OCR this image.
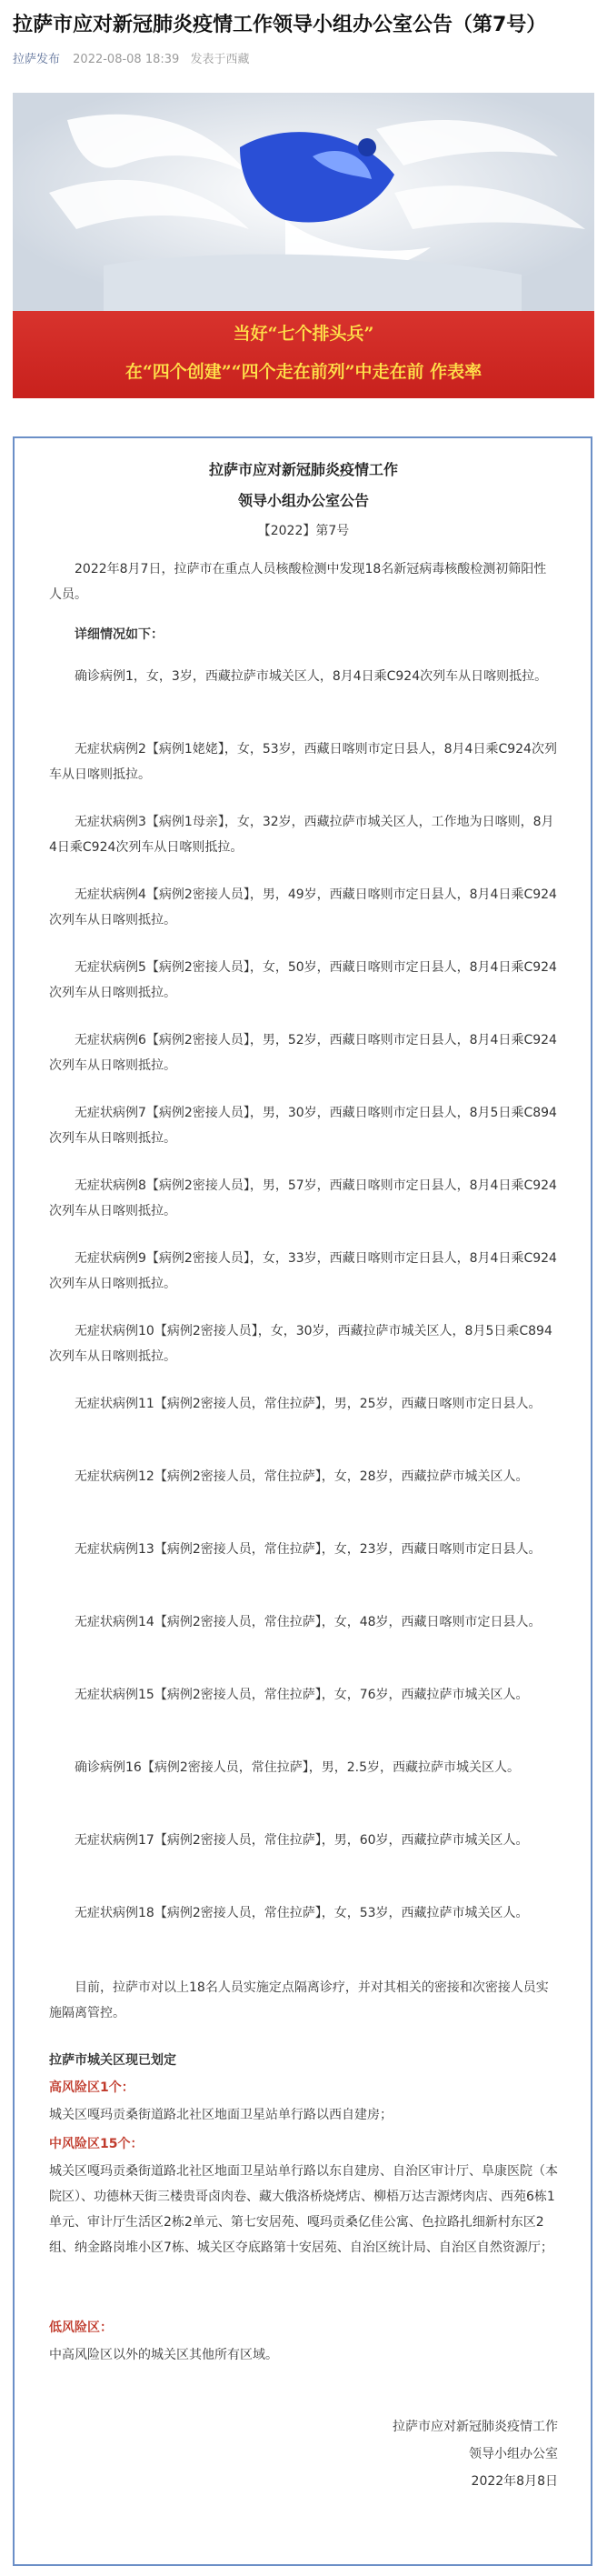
拉萨市应对新冠肺炎疫情工作领导小组办公室公告（第7号）
拉萨发布 2022-08-08 18:39 发表于西藏
当好“七个排头兵”
在“四个创建”“四个走在前列”中走在前 作表率
拉萨市应对新冠肺炎疫情工作
领导小组办公室公告
【2022】第7号
2022年8月7日，拉萨市在重点人员核酸检测中发现18名新冠病毒核酸检测初筛阳性人员。
详细情况如下：
确诊病例1，女，3岁，西藏拉萨市城关区人，8月4日乘C924次列车从日喀则抵拉。
无症状病例2【病例1姥姥】，女，53岁，西藏日喀则市定日县人，8月4日乘C924次列车从日喀则抵拉。
无症状病例3【病例1母亲】，女，32岁，西藏拉萨市城关区人，工作地为日喀则，8月4日乘C924次列车从日喀则抵拉。
无症状病例4【病例2密接人员】，男，49岁，西藏日喀则市定日县人，8月4日乘C924次列车从日喀则抵拉。
无症状病例5【病例2密接人员】，女，50岁，西藏日喀则市定日县人，8月4日乘C924次列车从日喀则抵拉。
无症状病例6【病例2密接人员】，男，52岁，西藏日喀则市定日县人，8月4日乘C924次列车从日喀则抵拉。
无症状病例7【病例2密接人员】，男，30岁，西藏日喀则市定日县人，8月5日乘C894次列车从日喀则抵拉。
无症状病例8【病例2密接人员】，男，57岁，西藏日喀则市定日县人，8月4日乘C924次列车从日喀则抵拉。
无症状病例9【病例2密接人员】，女，33岁，西藏日喀则市定日县人，8月4日乘C924次列车从日喀则抵拉。
无症状病例10【病例2密接人员】，女，30岁，西藏拉萨市城关区人，8月5日乘C894次列车从日喀则抵拉。
无症状病例11【病例2密接人员，常住拉萨】，男，25岁，西藏日喀则市定日县人。
无症状病例12【病例2密接人员，常住拉萨】，女，28岁，西藏拉萨市城关区人。
无症状病例13【病例2密接人员，常住拉萨】，女，23岁，西藏日喀则市定日县人。
无症状病例14【病例2密接人员，常住拉萨】，女，48岁，西藏日喀则市定日县人。
无症状病例15【病例2密接人员，常住拉萨】，女，76岁，西藏拉萨市城关区人。
确诊病例16【病例2密接人员，常住拉萨】，男，2.5岁，西藏拉萨市城关区人。
无症状病例17【病例2密接人员，常住拉萨】，男，60岁，西藏拉萨市城关区人。
无症状病例18【病例2密接人员，常住拉萨】，女，53岁，西藏拉萨市城关区人。
目前，拉萨市对以上18名人员实施定点隔离诊疗，并对其相关的密接和次密接人员实施隔离管控。
拉萨市城关区现已划定
高风险区1个：
城关区嘎玛贡桑街道路北社区地面卫星站单行路以西自建房；
中风险区15个：
城关区嘎玛贡桑街道路北社区地面卫星站单行路以东自建房、自治区审计厅、阜康医院（本院区）、功德林天街三楼贵哥卤肉卷、藏大俄洛桥烧烤店、柳梧万达吉源烤肉店、西苑6栋1单元、审计厅生活区2栋2单元、第七安居苑、嘎玛贡桑亿佳公寓、色拉路扎细新村东区2组、纳金路岗堆小区7栋、城关区夺底路第十安居苑、自治区统计局、自治区自然资源厅；
低风险区：
中高风险区以外的城关区其他所有区域。
拉萨市应对新冠肺炎疫情工作
领导小组办公室
2022年8月8日
